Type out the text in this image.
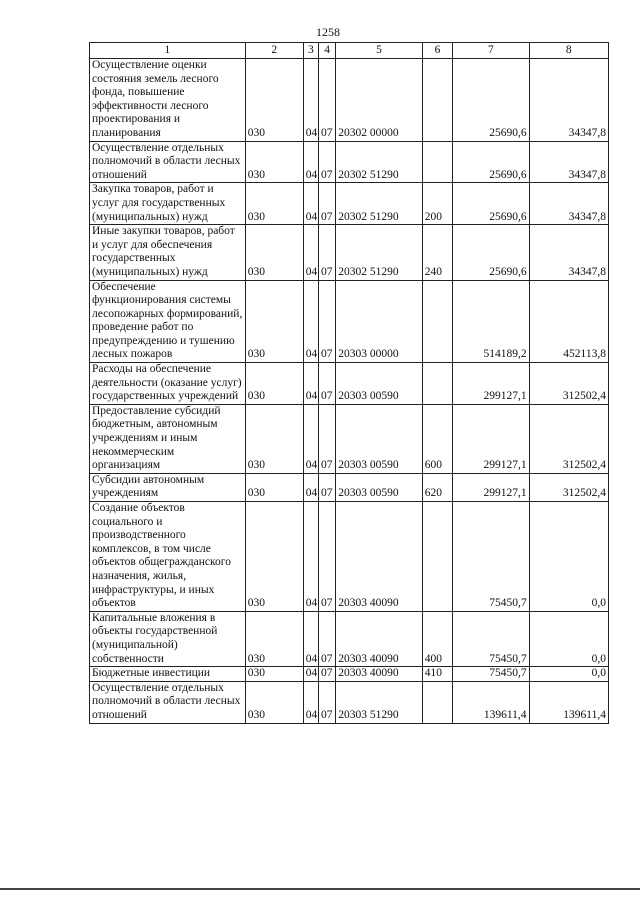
1258
1	2	3	4	5	6	7	8
Осуществление оценки состояния земель лесного фонда, повышение эффективности лесного проектирования и планирования	030	04	07	20302 00000		25690,6	34347,8
Осуществление отдельных полномочий в области лесных отношений	030	04	07	20302 51290		25690,6	34347,8
Закупка товаров, работ и услуг для государственных (муниципальных) нужд	030	04	07	20302 51290	200	25690,6	34347,8
Иные закупки товаров, работ и услуг для обеспечения государственных (муниципальных) нужд	030	04	07	20302 51290	240	25690,6	34347,8
Обеспечение функционирования системы лесопожарных формирований, проведение работ по предупреждению и тушению лесных пожаров	030	04	07	20303 00000		514189,2	452113,8
Расходы на обеспечение деятельности (оказание услуг) государственных учреждений	030	04	07	20303 00590		299127,1	312502,4
Предоставление субсидий бюджетным, автономным учреждениям и иным некоммерческим организациям	030	04	07	20303 00590	600	299127,1	312502,4
Субсидии автономным учреждениям	030	04	07	20303 00590	620	299127,1	312502,4
Создание объектов социального и производственного комплексов, в том числе объектов общегражданского назначения, жилья, инфраструктуры, и иных объектов	030	04	07	20303 40090		75450,7	0,0
Капитальные вложения в объекты государственной (муниципальной) собственности	030	04	07	20303 40090	400	75450,7	0,0
Бюджетные инвестиции	030	04	07	20303 40090	410	75450,7	0,0
Осуществление отдельных полномочий в области лесных отношений	030	04	07	20303 51290		139611,4	139611,4
